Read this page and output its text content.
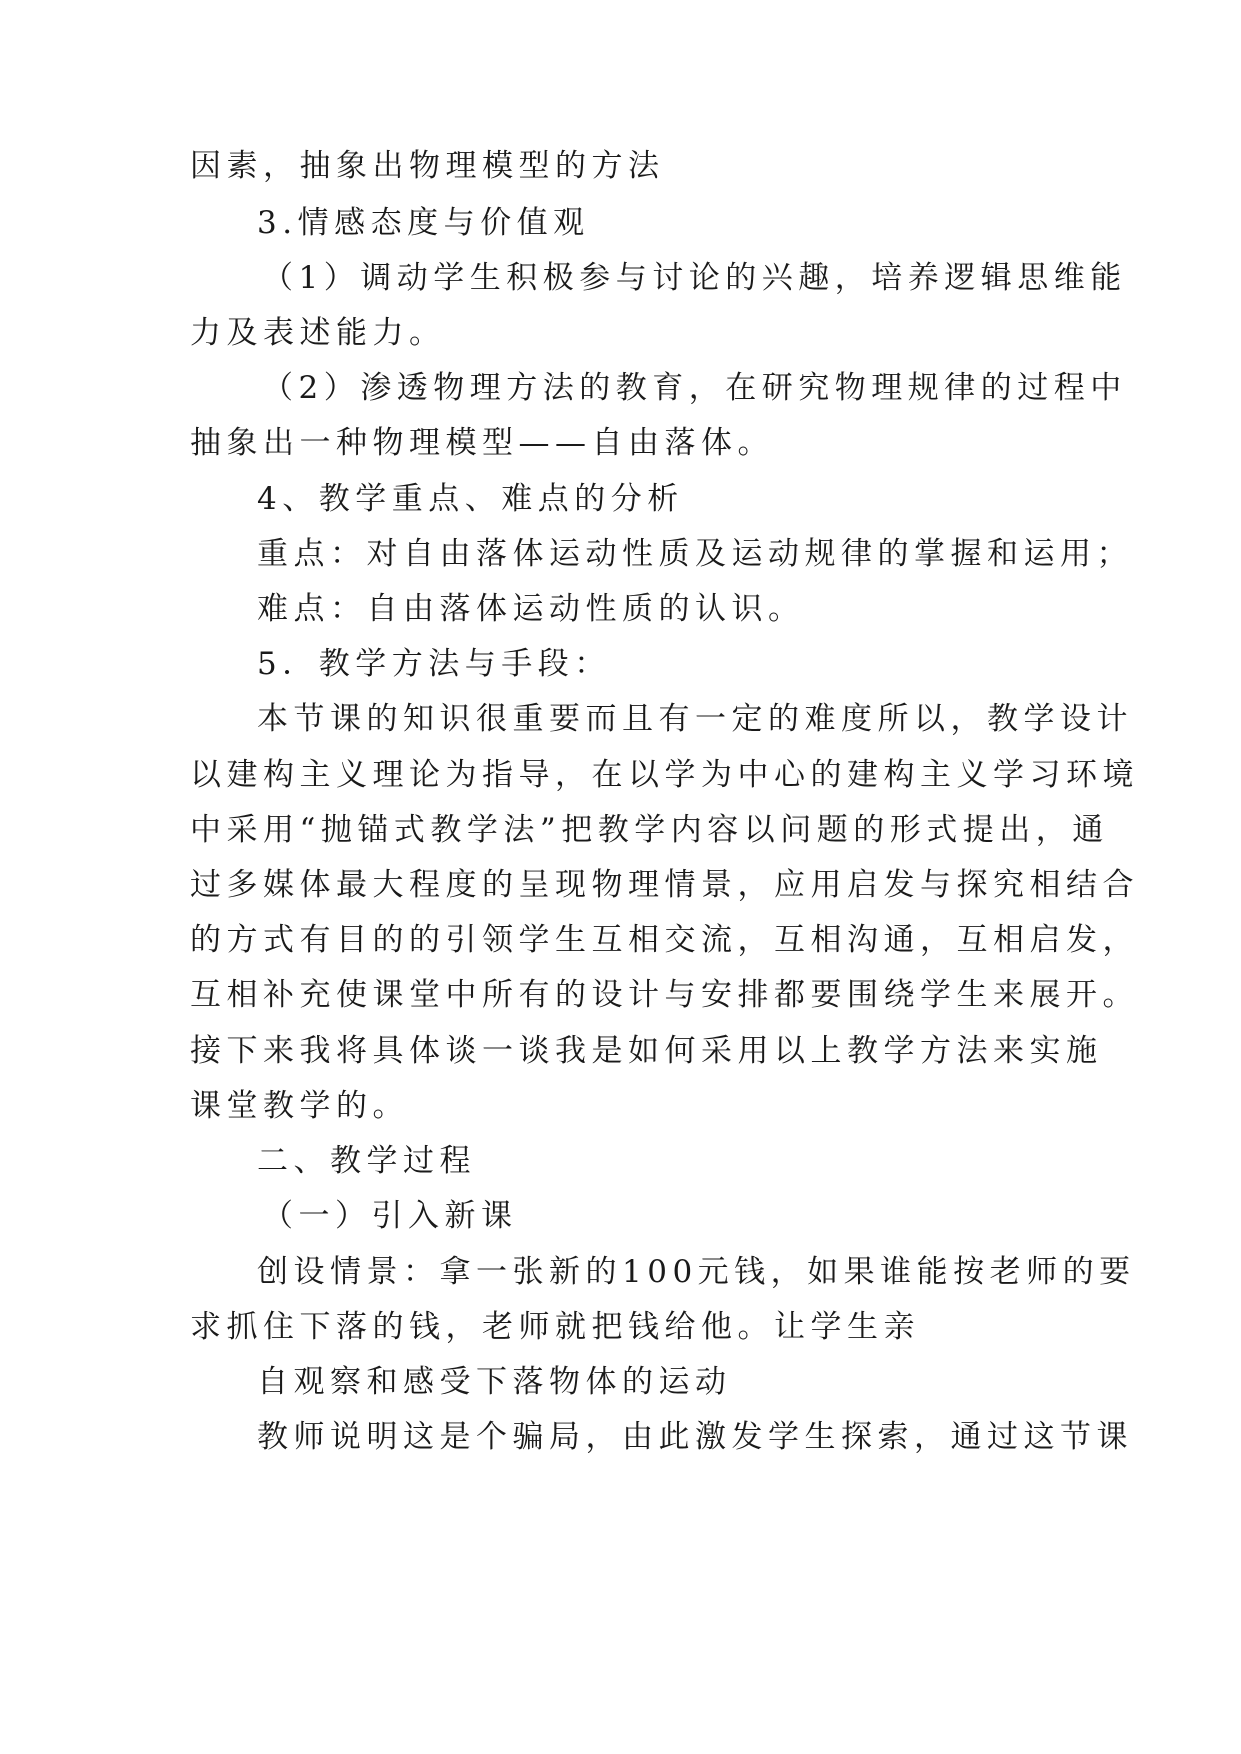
因素，抽象出物理模型的方法
3.情感态度与价值观
（1）调动学生积极参与讨论的兴趣，培养逻辑思维能
力及表述能力。
（2）渗透物理方法的教育，在研究物理规律的过程中
抽象出一种物理模型——自由落体。
4、教学重点、难点的分析
重点：对自由落体运动性质及运动规律的掌握和运用；
难点：自由落体运动性质的认识。
5．教学方法与手段：
本节课的知识很重要而且有一定的难度所以，教学设计
以建构主义理论为指导，在以学为中心的建构主义学习环境
中采用“抛锚式教学法”把教学内容以问题的形式提出，通
过多媒体最大程度的呈现物理情景，应用启发与探究相结合
的方式有目的的引领学生互相交流，互相沟通，互相启发，
互相补充使课堂中所有的设计与安排都要围绕学生来展开。
接下来我将具体谈一谈我是如何采用以上教学方法来实施
课堂教学的。
二、教学过程
（一）引入新课
创设情景：拿一张新的100元钱，如果谁能按老师的要
求抓住下落的钱，老师就把钱给他。让学生亲
自观察和感受下落物体的运动
教师说明这是个骗局，由此激发学生探索，通过这节课
